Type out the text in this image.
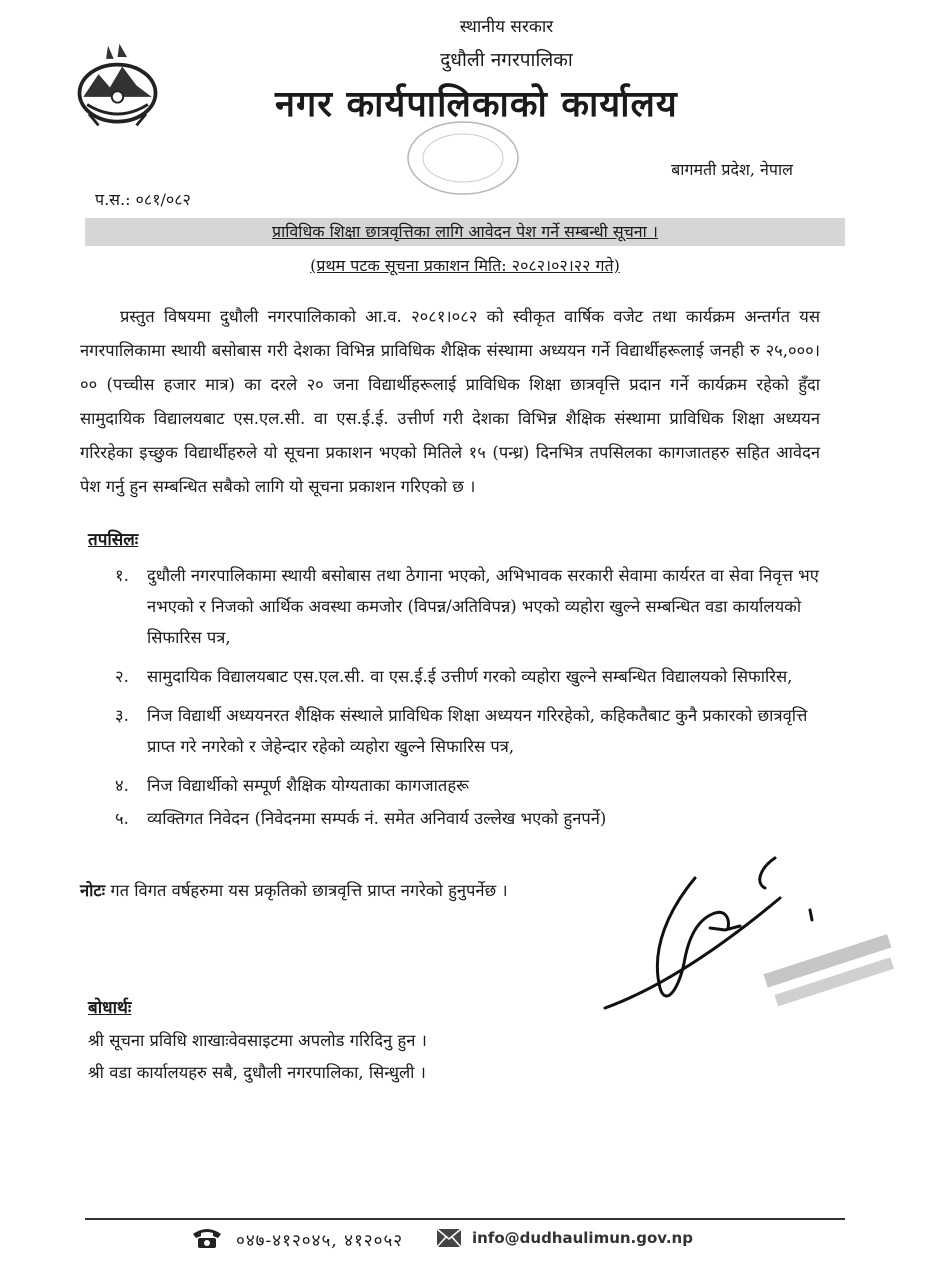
स्थानीय सरकार
दुधौली नगरपालिका
नगर कार्यपालिकाको कार्यालय
बागमती प्रदेश, नेपाल
प.स.: ०८१/०८२
प्राविधिक शिक्षा छात्रवृत्तिका लागि आवेदन पेश गर्ने सम्बन्धी सूचना ।
(प्रथम पटक सूचना प्रकाशन मिति: २०८२।०२।२२ गते)
प्रस्तुत विषयमा दुधौली नगरपालिकाको आ.व. २०८१।०८२ को स्वीकृत वार्षिक वजेट तथा कार्यक्रम अन्तर्गत यस नगरपालिकामा स्थायी बसोबास गरी देशका विभिन्न प्राविधिक शैक्षिक संस्थामा अध्ययन गर्ने विद्यार्थीहरूलाई जनही रु २५,०००।०० (पच्चीस हजार मात्र) का दरले २० जना विद्यार्थीहरूलाई प्राविधिक शिक्षा छात्रवृत्ति प्रदान गर्ने कार्यक्रम रहेको हुँदा सामुदायिक विद्यालयबाट एस.एल.सी. वा एस.ई.ई. उत्तीर्ण गरी देशका विभिन्न शैक्षिक संस्थामा प्राविधिक शिक्षा अध्ययन गरिरहेका इच्छुक विद्यार्थीहरुले यो सूचना प्रकाशन भएको मितिले १५ (पन्ध्र) दिनभित्र तपसिलका कागजातहरु सहित आवेदन पेश गर्नु हुन सम्बन्धित सबैको लागि यो सूचना प्रकाशन गरिएको छ ।
तपसिलः
१. दुधौली नगरपालिकामा स्थायी बसोबास तथा ठेगाना भएको, अभिभावक सरकारी सेवामा कार्यरत वा सेवा निवृत्त भए नभएको र निजको आर्थिक अवस्था कमजोर (विपन्न/अतिविपन्न) भएको व्यहोरा खुल्ने सम्बन्धित वडा कार्यालयको सिफारिस पत्र,
२. सामुदायिक विद्यालयबाट एस.एल.सी. वा एस.ई.ई उत्तीर्ण गरको व्यहोरा खुल्ने सम्बन्धित विद्यालयको सिफारिस,
३. निज विद्यार्थी अध्ययनरत शैक्षिक संस्थाले प्राविधिक शिक्षा अध्ययन गरिरहेको, कहिकतैबाट कुनै प्रकारको छात्रवृत्ति प्राप्त गरे नगरेको र जेहेन्दार रहेको व्यहोरा खुल्ने सिफारिस पत्र,
४. निज विद्यार्थीको सम्पूर्ण शैक्षिक योग्यताका कागजातहरू
५. व्यक्तिगत निवेदन (निवेदनमा सम्पर्क नं. समेत अनिवार्य उल्लेख भएको हुनपर्ने)
नोटः गत विगत वर्षहरुमा यस प्रकृतिको छात्रवृत्ति प्राप्त नगरेको हुनुपर्नेछ ।
बोधार्थः
श्री सूचना प्रविधि शाखाःवेवसाइटमा अपलोड गरिदिनु हुन ।
श्री वडा कार्यालयहरु सबै, दुधौली नगरपालिका, सिन्धुली ।
०४७-४१२०४५, ४१२०५२	info@dudhaulimun.gov.np
